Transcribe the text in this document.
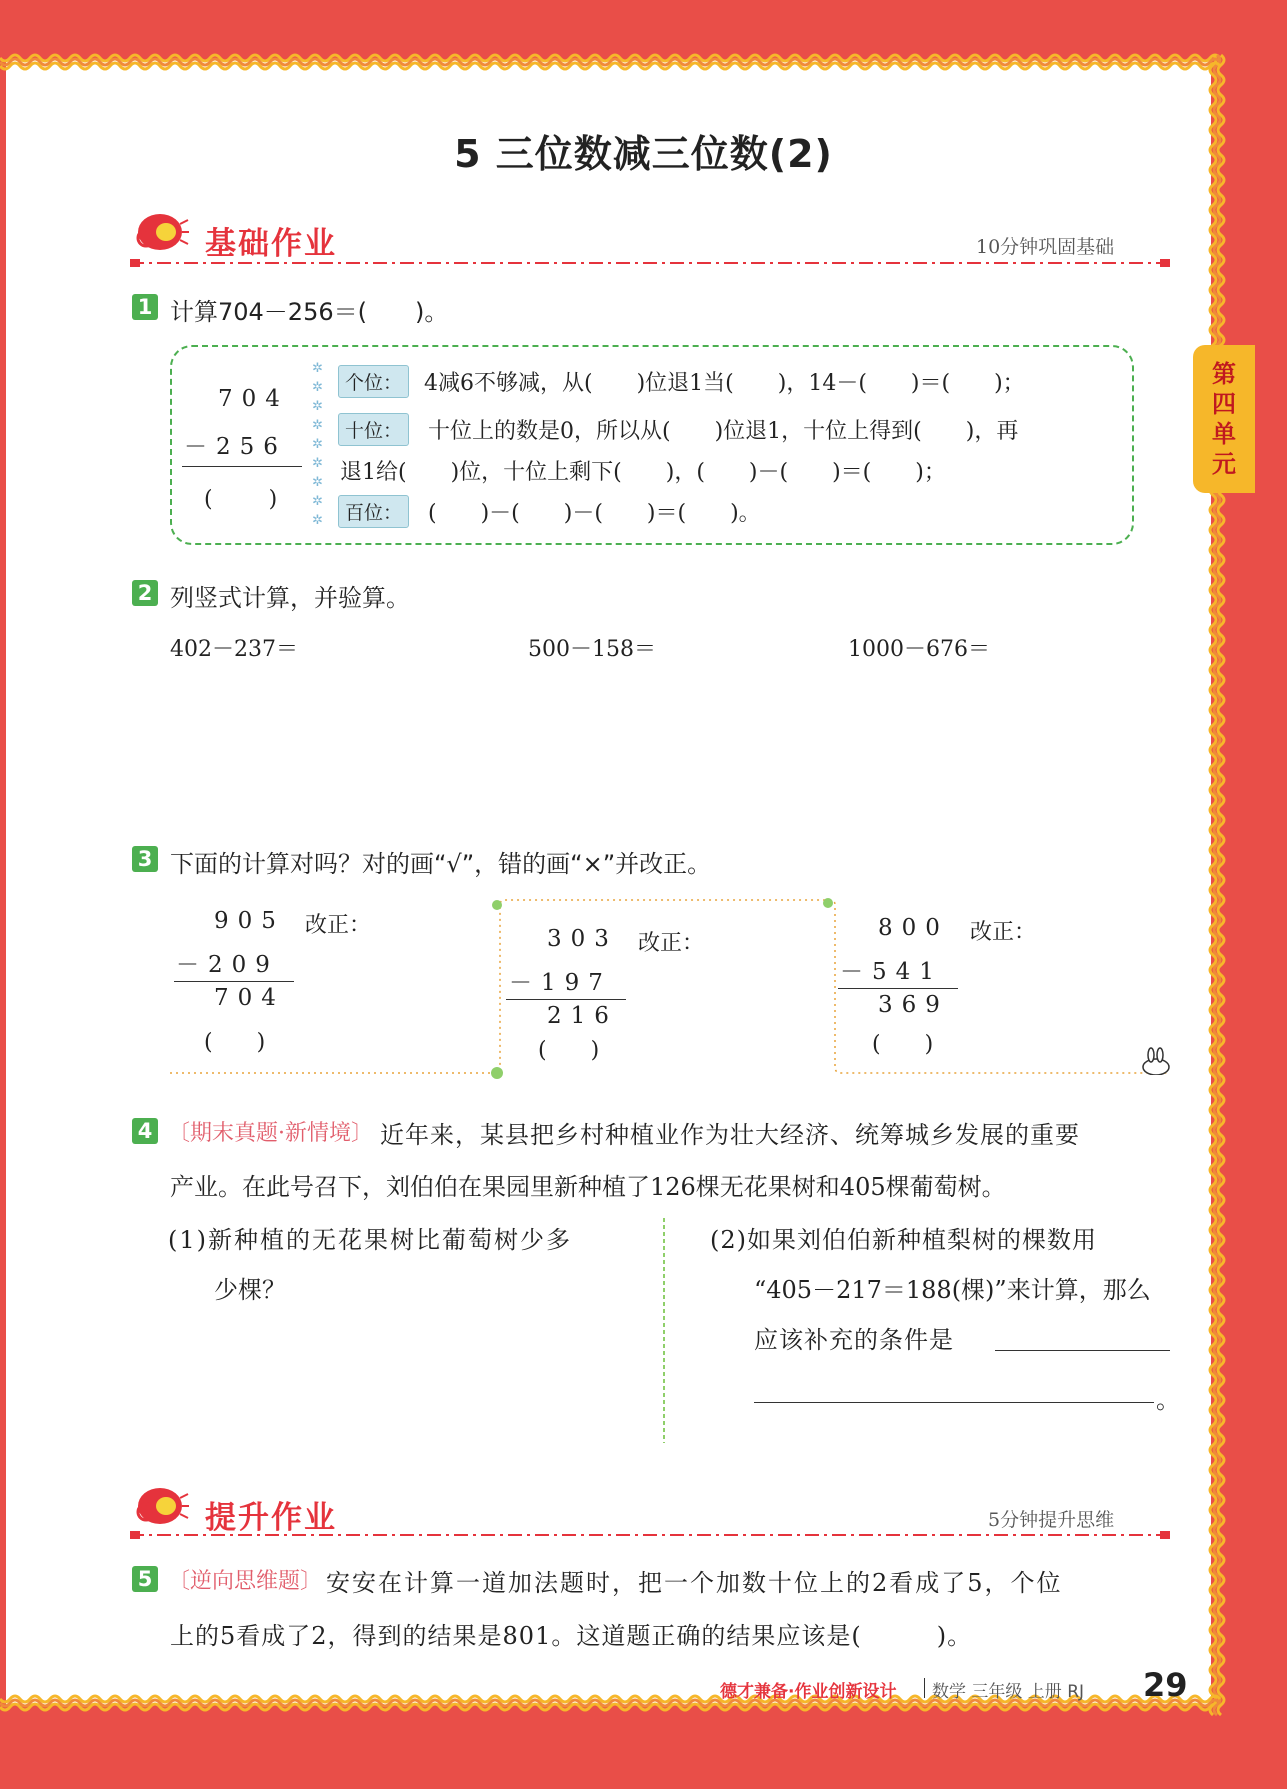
5 三位数减三位数(2)
第四单元
基础作业	10分钟巩固基础
1 计算704－256＝(　　)。
704
－256
(　　)
✲
✲
✲
✲
✲
✲
✲
✲
✲
个位： 4减6不够减，从(　　)位退1当(　　)，14－(　　)＝(　　)；
十位：	十位上的数是0，所以从(　　)位退1，十位上得到(　　)，再
退1给(　　)位，十位上剩下(　　)，(　　)－(　　)＝(　　)；
百位：	(　　)－(　　)－(　　)＝(　　)。
2 列竖式计算，并验算。
402－237＝	500－158＝	1000－676＝
3 下面的计算对吗？对的画“√”，错的画“×”并改正。
905 改正：
－209
704
(　　)
303 改正：
－197
216
(　　)
800 改正：
－541
369
(　　)
4 〔期末真题·新情境〕 近年来，某县把乡村种植业作为壮大经济、统筹城乡发展的重要
产业。在此号召下，刘伯伯在果园里新种植了126棵无花果树和405棵葡萄树。
(1)新种植的无花果树比葡萄树少多
少棵？
(2)如果刘伯伯新种植梨树的棵数用
“405－217＝188(棵)”来计算，那么
应该补充的条件是
。
提升作业	5分钟提升思维
5 〔逆向思维题〕 安安在计算一道加法题时，把一个加数十位上的2看成了5，个位
上的5看成了2，得到的结果是801。这道题正确的结果应该是(　　　)。
德才兼备·作业创新设计 数学 三年级 上册 RJ 29
